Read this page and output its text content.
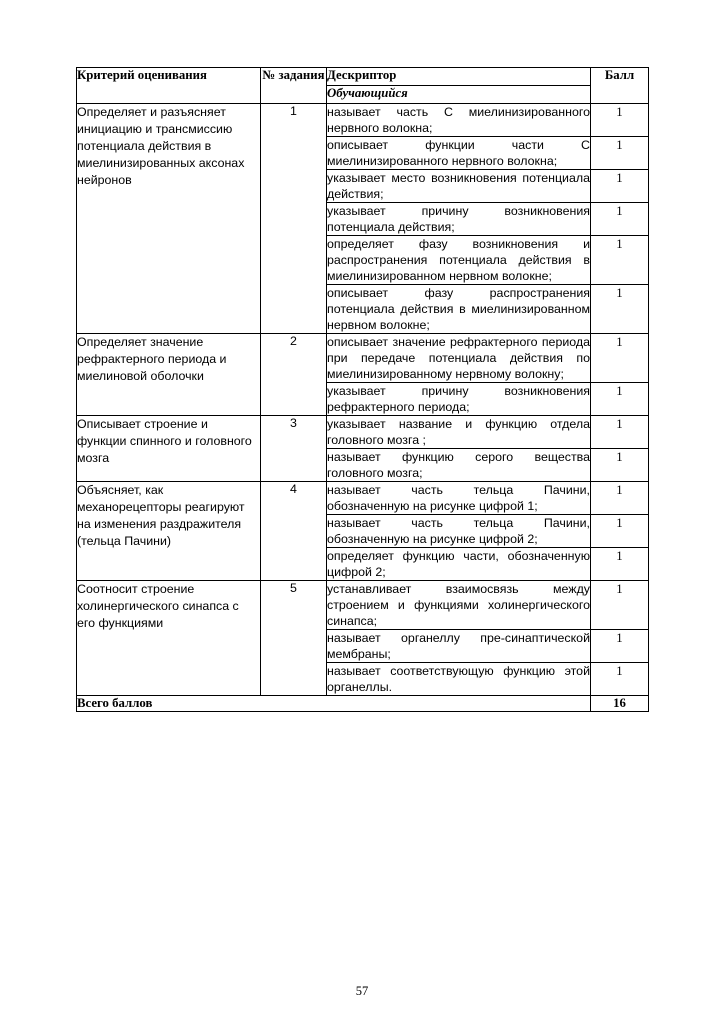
Критерий оценивания	№ задания	Дескриптор	Балл
		Обучающийся	
Определяет и разъясняет инициацию и трансмиссию потенциала действия в миелинизированных аксонах нейронов	1	называет часть С миелинизированного нервного волокна;	1
		описывает функции части С миелинизированного нервного волокна;	1
		указывает место возникновения потенциала действия;	1
		указывает причину возникновения потенциала действия;	1
		определяет фазу возникновения и распространения потенциала действия в миелинизированном нервном волокне;	1
		описывает фазу распространения потенциала действия в миелинизированном нервном волокне;	1
Определяет значение рефрактерного периода и миелиновой оболочки	2	описывает значение рефрактерного периода при передаче потенциала действия по миелинизированному нервному волокну;	1
		указывает причину возникновения рефрактерного периода;	1
Описывает строение и функции спинного и головного мозга	3	указывает название и функцию отдела головного мозга ;	1
		называет функцию серого вещества головного мозга;	1
Объясняет, как механорецепторы реагируют на изменения раздражителя (тельца Пачини)	4	называет часть тельца Пачини, обозначенную на рисунке цифрой 1;	1
		называет часть тельца Пачини, обозначенную на рисунке цифрой 2;	1
		определяет функцию части, обозначенную цифрой 2;	1
Соотносит строение холинергического синапса с его функциями	5	устанавливает взаимосвязь между строением и функциями холинергического синапса;	1
		называет органеллу пре-синаптической мембраны;	1
		называет соответствующую функцию этой органеллы.	1
Всего баллов			16
57
